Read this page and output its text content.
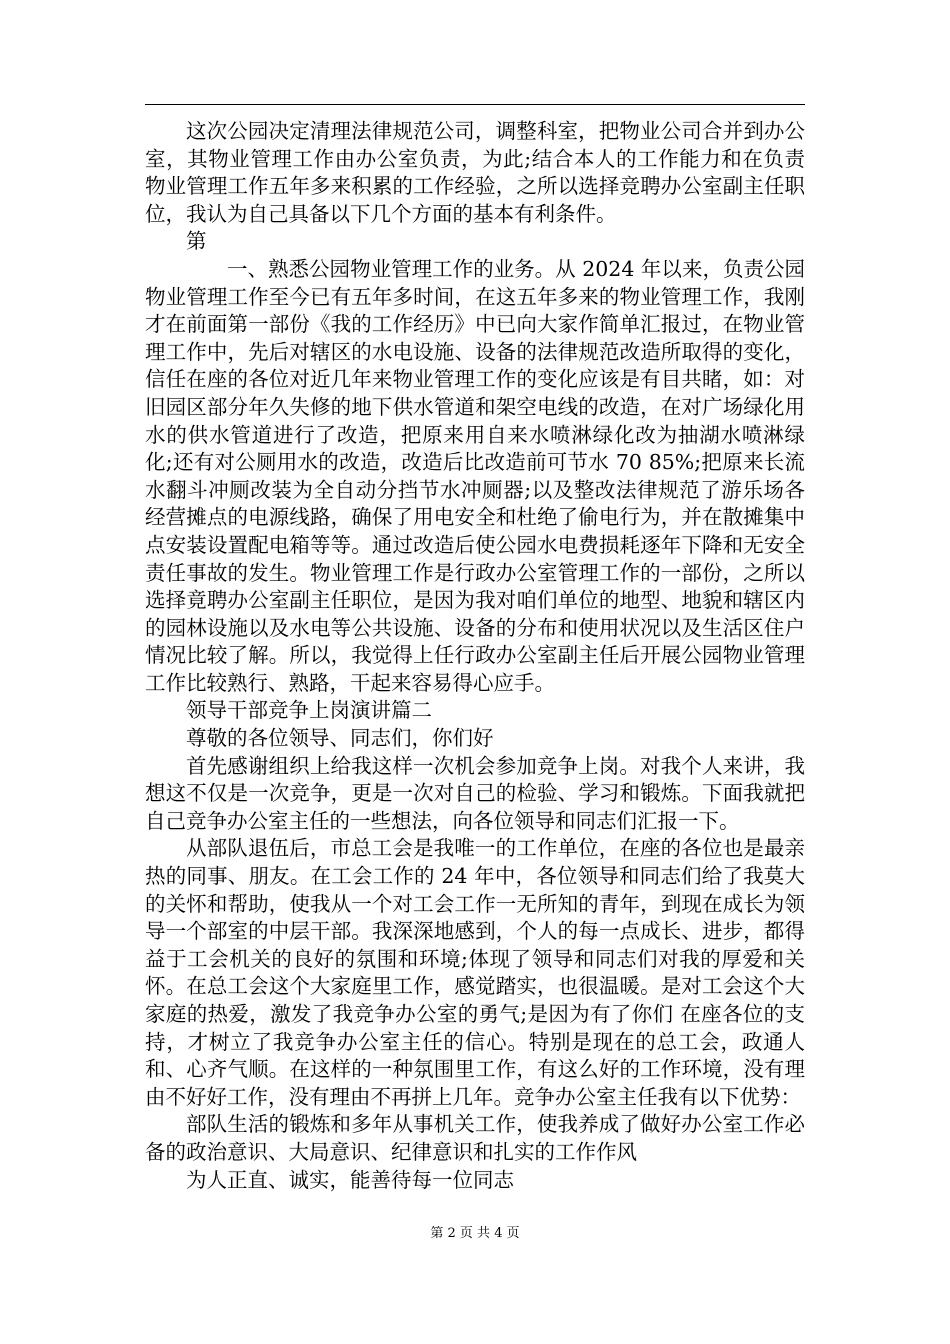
这次公园决定清理法律规范公司，调整科室，把物业公司合并到办公室，其物业管理工作由办公室负责，为此;结合本人的工作能力和在负责物业管理工作五年多来积累的工作经验，之所以选择竞聘办公室副主任职位，我认为自己具备以下几个方面的基本有利条件。

第

一、熟悉公园物业管理工作的业务。从 2024 年以来，负责公园物业管理工作至今已有五年多时间，在这五年多来的物业管理工作，我刚才在前面第一部份《我的工作经历》中已向大家作简单汇报过，在物业管理工作中，先后对辖区的水电设施、设备的法律规范改造所取得的变化，信任在座的各位对近几年来物业管理工作的变化应该是有目共睹，如：对旧园区部分年久失修的地下供水管道和架空电线的改造，在对广场绿化用水的供水管道进行了改造，把原来用自来水喷淋绿化改为抽湖水喷淋绿化;还有对公厕用水的改造，改造后比改造前可节水 70 85%;把原来长流水翻斗冲厕改装为全自动分挡节水冲厕器;以及整改法律规范了游乐场各经营摊点的电源线路，确保了用电安全和杜绝了偷电行为，并在散摊集中点安装设置配电箱等等。通过改造后使公园水电费损耗逐年下降和无安全责任事故的发生。物业管理工作是行政办公室管理工作的一部份，之所以选择竟聘办公室副主任职位，是因为我对咱们单位的地型、地貌和辖区内的园林设施以及水电等公共设施、设备的分布和使用状况以及生活区住户情况比较了解。所以，我觉得上任行政办公室副主任后开展公园物业管理工作比较熟行、熟路，干起来容易得心应手。

领导干部竞争上岗演讲篇二

尊敬的各位领导、同志们，你们好

首先感谢组织上给我这样一次机会参加竞争上岗。对我个人来讲，我想这不仅是一次竞争，更是一次对自己的检验、学习和锻炼。下面我就把自己竞争办公室主任的一些想法，向各位领导和同志们汇报一下。

从部队退伍后，市总工会是我唯一的工作单位，在座的各位也是最亲热的同事、朋友。在工会工作的 24 年中，各位领导和同志们给了我莫大的关怀和帮助，使我从一个对工会工作一无所知的青年，到现在成长为领导一个部室的中层干部。我深深地感到，个人的每一点成长、进步，都得益于工会机关的良好的氛围和环境;体现了领导和同志们对我的厚爱和关怀。在总工会这个大家庭里工作，感觉踏实，也很温暖。是对工会这个大家庭的热爱，激发了我竞争办公室的勇气;是因为有了你们 在座各位的支持，才树立了我竞争办公室主任的信心。特别是现在的总工会，政通人和、心齐气顺。在这样的一种氛围里工作，有这么好的工作环境，没有理由不好好工作，没有理由不再拼上几年。竞争办公室主任我有以下优势：

部队生活的锻炼和多年从事机关工作，使我养成了做好办公室工作必备的政治意识、大局意识、纪律意识和扎实的工作作风

为人正直、诚实，能善待每一位同志

第 2 页 共 4 页
